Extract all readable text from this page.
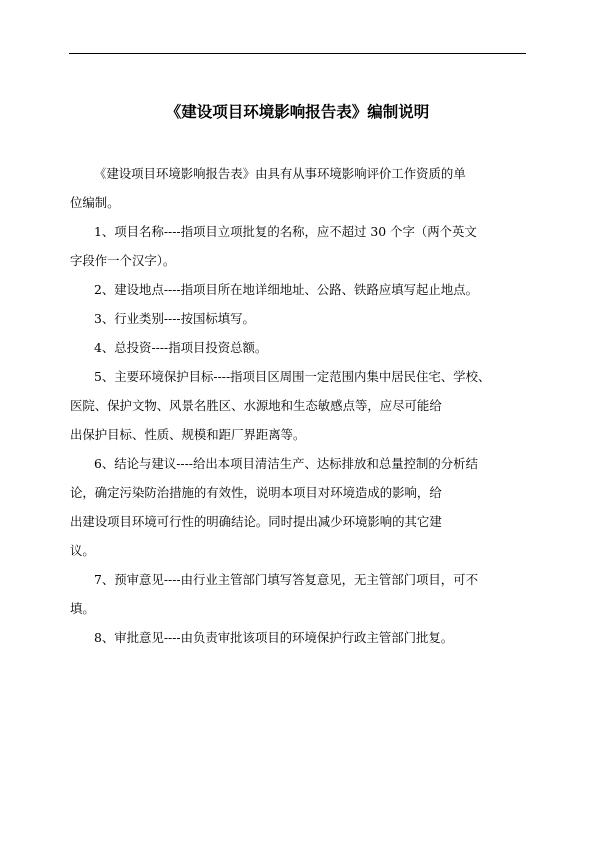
《建设项目环境影响报告表》编制说明

《建设项目环境影响报告表》由具有从事环境影响评价工作资质的单
位编制。

1、项目名称----指项目立项批复的名称，应不超过 30 个字（两个英文
字段作一个汉字）。

2、建设地点----指项目所在地详细地址、公路、铁路应填写起止地点。

3、行业类别----按国标填写。

4、总投资----指项目投资总额。

5、主要环境保护目标----指项目区周围一定范围内集中居民住宅、学校、
医院、保护文物、风景名胜区、水源地和生态敏感点等，应尽可能给
出保护目标、性质、规模和距厂界距离等。

6、结论与建议----给出本项目清洁生产、达标排放和总量控制的分析结
论，确定污染防治措施的有效性，说明本项目对环境造成的影响，给
出建设项目环境可行性的明确结论。同时提出减少环境影响的其它建
议。

7、预审意见----由行业主管部门填写答复意见，无主管部门项目，可不
填。

8、审批意见----由负责审批该项目的环境保护行政主管部门批复。
